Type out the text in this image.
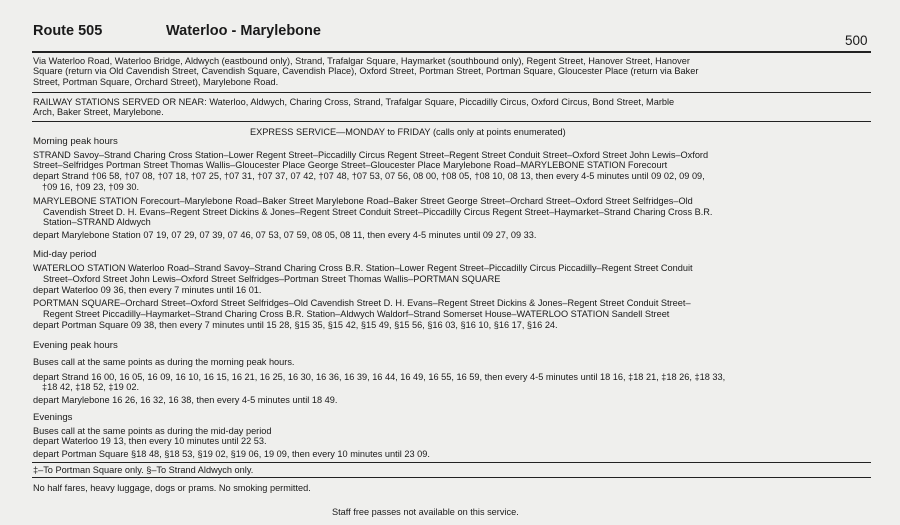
Route 505	Waterloo - Marylebone
500
Via Waterloo Road, Waterloo Bridge, Aldwych (eastbound only), Strand, Trafalgar Square, Haymarket (southbound only), Regent Street, Hanover Street, Hanover
Square (return via Old Cavendish Street, Cavendish Square, Cavendish Place), Oxford Street, Portman Street, Portman Square, Gloucester Place (return via Baker
Street, Portman Square, Orchard Street), Marylebone Road.
RAILWAY STATIONS SERVED OR NEAR: Waterloo, Aldwych, Charing Cross, Strand, Trafalgar Square, Piccadilly Circus, Oxford Circus, Bond Street, Marble
Arch, Baker Street, Marylebone.
EXPRESS SERVICE—MONDAY to FRIDAY (calls only at points enumerated)
Morning peak hours
STRAND Savoy–Strand Charing Cross Station–Lower Regent Street–Piccadilly Circus Regent Street–Regent Street Conduit Street–Oxford Street John Lewis–Oxford
Street–Selfridges Portman Street Thomas Wallis–Gloucester Place George Street–Gloucester Place Marylebone Road–MARYLEBONE STATION Forecourt
depart Strand †06 58, †07 08, †07 18, †07 25, †07 31, †07 37, 07 42, †07 48, †07 53, 07 56, 08 00, †08 05, †08 10, 08 13, then every 4-5 minutes until 09 02, 09 09,
†09 16, †09 23, †09 30.
MARYLEBONE STATION Forecourt–Marylebone Road–Baker Street Marylebone Road–Baker Street George Street–Orchard Street–Oxford Street Selfridges–Old
Cavendish Street D. H. Evans–Regent Street Dickins & Jones–Regent Street Conduit Street–Piccadilly Circus Regent Street–Haymarket–Strand Charing Cross B.R.
Station–STRAND Aldwych
depart Marylebone Station 07 19, 07 29, 07 39, 07 46, 07 53, 07 59, 08 05, 08 11, then every 4-5 minutes until 09 27, 09 33.
Mid-day period
WATERLOO STATION Waterloo Road–Strand Savoy–Strand Charing Cross B.R. Station–Lower Regent Street–Piccadilly Circus Piccadilly–Regent Street Conduit
Street–Oxford Street John Lewis–Oxford Street Selfridges–Portman Street Thomas Wallis–PORTMAN SQUARE
depart Waterloo 09 36, then every 7 minutes until 16 01.
PORTMAN SQUARE–Orchard Street–Oxford Street Selfridges–Old Cavendish Street D. H. Evans–Regent Street Dickins & Jones–Regent Street Conduit Street–
Regent Street Piccadilly–Haymarket–Strand Charing Cross B.R. Station–Aldwych Waldorf–Strand Somerset House–WATERLOO STATION Sandell Street
depart Portman Square 09 38, then every 7 minutes until 15 28, §15 35, §15 42, §15 49, §15 56, §16 03, §16 10, §16 17, §16 24.
Evening peak hours
Buses call at the same points as during the morning peak hours.
depart Strand 16 00, 16 05, 16 09, 16 10, 16 15, 16 21, 16 25, 16 30, 16 36, 16 39, 16 44, 16 49, 16 55, 16 59, then every 4-5 minutes until 18 16, ‡18 21, ‡18 26, ‡18 33,
‡18 42, ‡18 52, ‡19 02.
depart Marylebone 16 26, 16 32, 16 38, then every 4-5 minutes until 18 49.
Evenings
Buses call at the same points as during the mid-day period
depart Waterloo 19 13, then every 10 minutes until 22 53.
depart Portman Square §18 48, §18 53, §19 02, §19 06, 19 09, then every 10 minutes until 23 09.
‡–To Portman Square only. §–To Strand Aldwych only.
No half fares, heavy luggage, dogs or prams. No smoking permitted.
Staff free passes not available on this service.
